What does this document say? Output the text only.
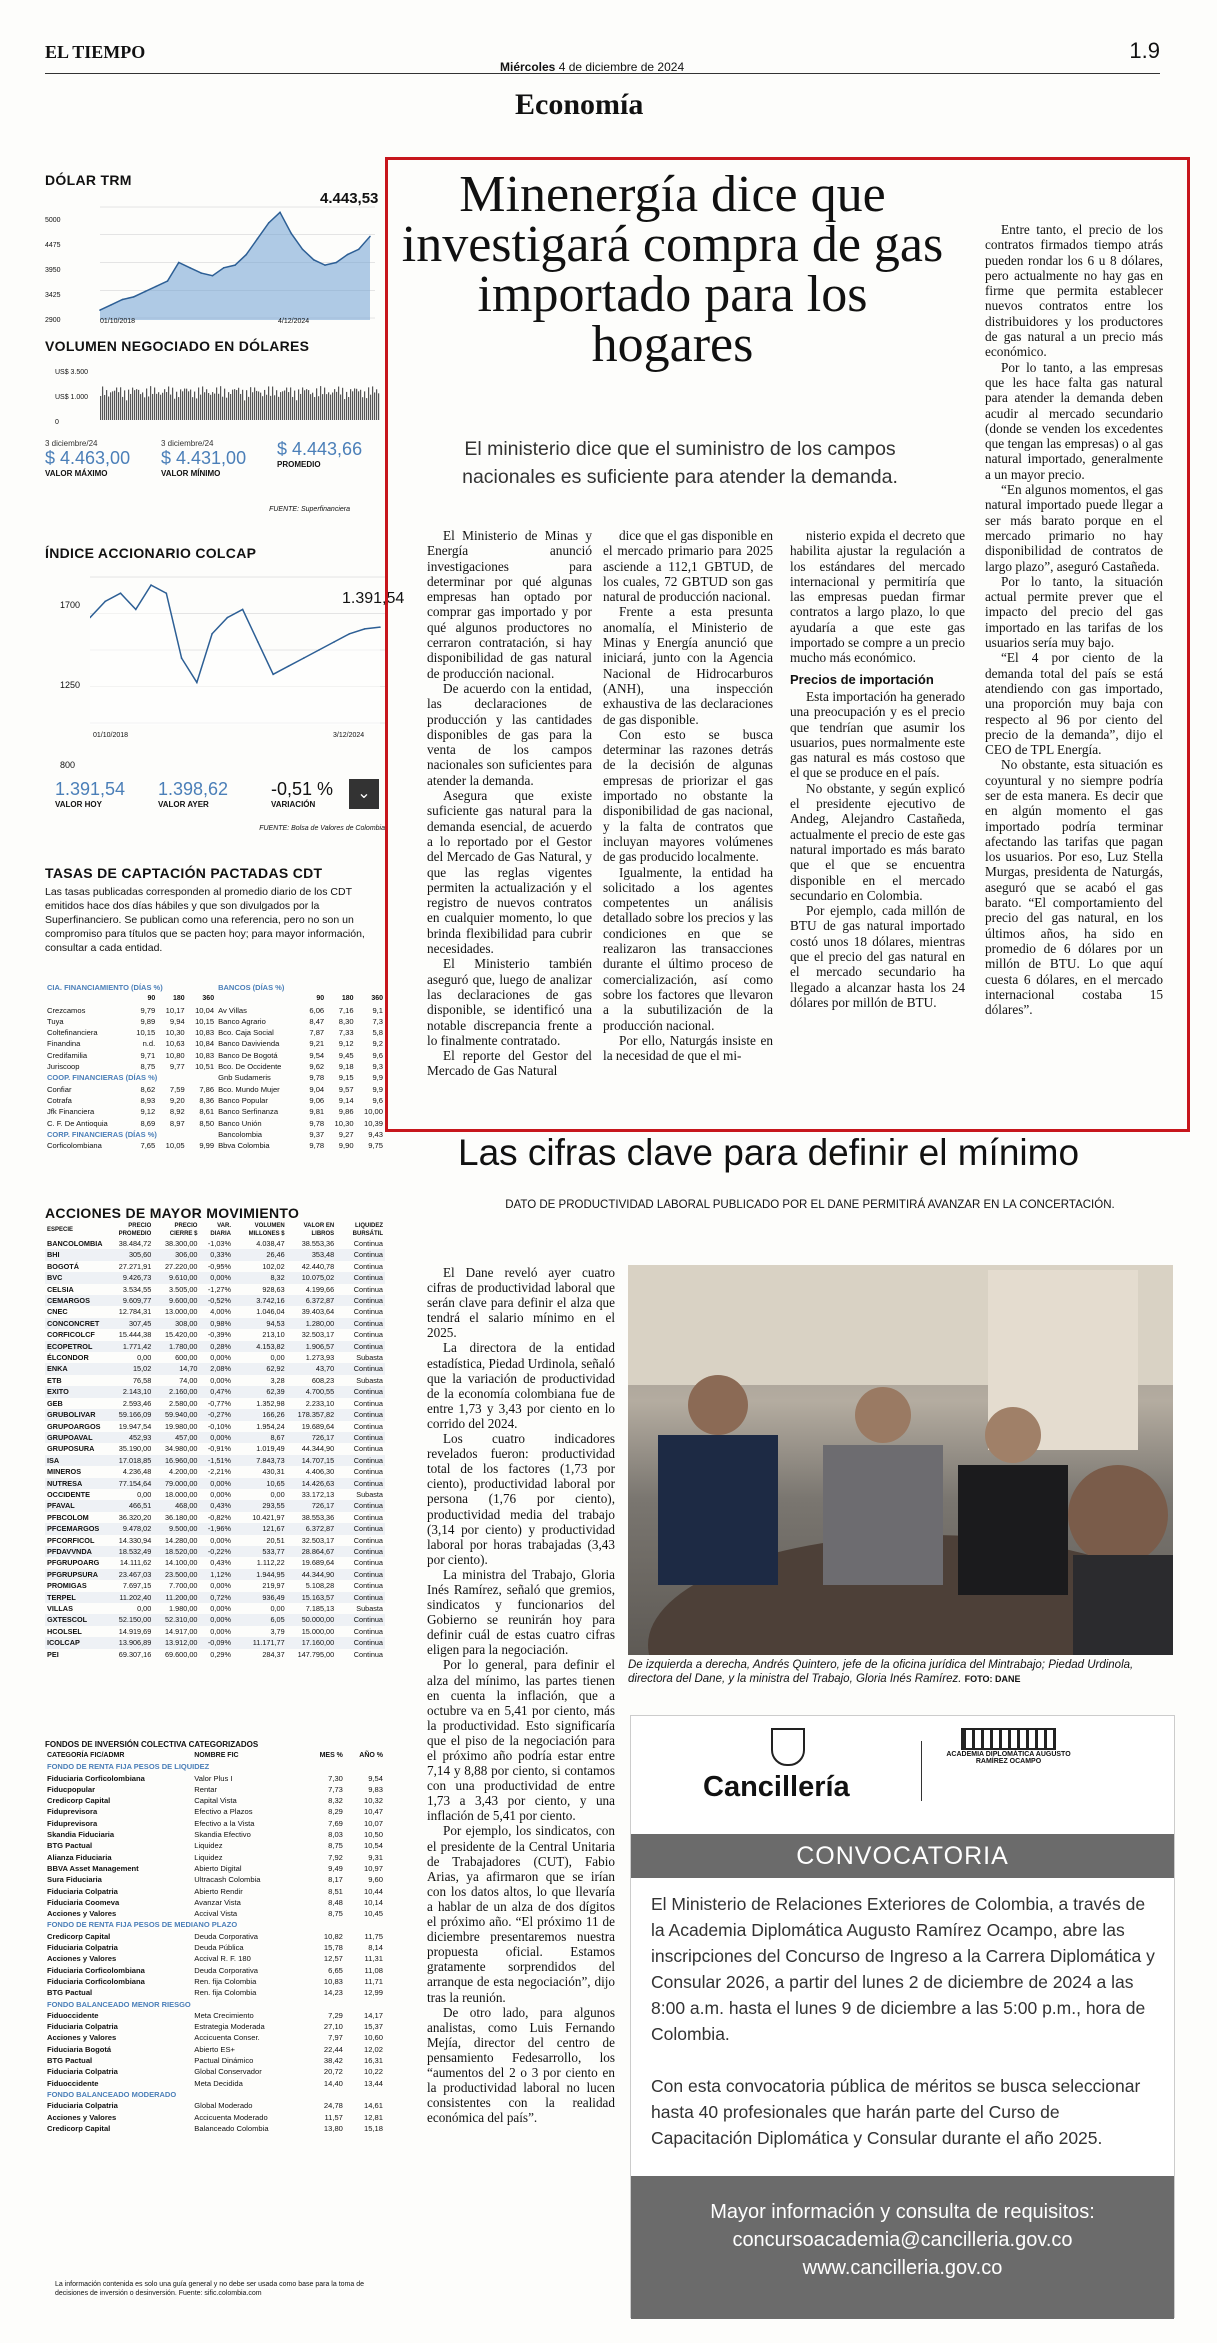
EL TIEMPO
Miércoles 4 de diciembre de 2024
1.9
Economía
DÓLAR TRM
4.443,53
5000
4475
3950
3425
2900	01/10/2018	4/12/2024
VOLUMEN NEGOCIADO EN DÓLARES
US$ 3.500
US$ 1.000
0
3 diciembre/24
$ 4.463,00
VALOR MÁXIMO
3 diciembre/24
$ 4.431,00
VALOR MÍNIMO
$ 4.443,66
PROMEDIO
FUENTE: Superfinanciera
ÍNDICE ACCIONARIO COLCAP
1.391,54
1700
1250
800
01/10/2018	3/12/2024
1.391,54
VALOR HOY
1.398,62
VALOR AYER
-0,51 %
VARIACIÓN
⌄
FUENTE: Bolsa de Valores de Colombia
TASAS DE CAPTACIÓN PACTADAS CDT
Las tasas publicadas corresponden al promedio diario de los CDT emitidos hace dos días hábiles y que son divulgados por la Superfinanciero. Se publican como una referencia, pero no son un compromiso para títulos que se pacten hoy; para mayor información, consultar a cada entidad.
CIA. FINANCIAMIENTO (DÍAS %)				BANCOS (DÍAS %)			
	90	180	360		90	180	360
Crezcamos	9,79	10,17	10,04	Av Villas	6,06	7,16	9,1
Tuya	9,89	9,94	10,15	Banco Agrario	8,47	8,30	7,3
Coltefinanciera	10,15	10,30	10,83	Bco. Caja Social	7,87	7,33	5,8
Finandina	n.d.	10,63	10,84	Banco Davivienda	9,21	9,12	9,2
Credifamilia	9,71	10,80	10,83	Banco De Bogotá	9,54	9,45	9,6
Juriscoop	8,75	9,77	10,51	Bco. De Occidente	9,62	9,18	9,3
COOP. FINANCIERAS (DÍAS %)				Gnb Sudameris	9,78	9,15	9,9
Confiar	8,62	7,59	7,86	Bco. Mundo Mujer	9,04	9,57	9,9
Cotrafa	8,93	9,20	8,36	Banco Popular	9,06	9,14	9,6
Jfk Financiera	9,12	8,92	8,61	Banco Serfinanza	9,81	9,86	10,00
C. F. De Antioquia	8,69	8,97	8,50	Banco Unión	9,78	10,30	10,39
CORP. FINANCIERAS (DÍAS %)				Bancolombia	9,37	9,27	9,43
Corficolombiana	7,65	10,05	9,99	Bbva Colombia	9,78	9,90	9,75
ACCIONES DE MAYOR MOVIMIENTO
ESPECIE	PRECIO PROMEDIO	PRECIO CIERRE $	VAR. DIARIA	VOLUMEN MILLONES $	VALOR EN LIBROS	LIQUIDEZ BURSÁTIL
BANCOLOMBIA	38.484,72	38.300,00	-1,03%	4.038,47	38.553,36	Continua
BHI	305,60	306,00	0,33%	26,46	353,48	Continua
BOGOTÁ	27.271,91	27.220,00	-0,95%	102,02	42.440,78	Continua
BVC	9.426,73	9.610,00	0,00%	8,32	10.075,02	Continua
CELSIA	3.534,55	3.505,00	-1,27%	928,63	4.199,66	Continua
CEMARGOS	9.609,77	9.600,00	-0,52%	3.742,16	6.372,87	Continua
CNEC	12.784,31	13.000,00	4,00%	1.046,04	39.403,64	Continua
CONCONCRET	307,45	308,00	0,98%	94,53	1.280,00	Continua
CORFICOLCF	15.444,38	15.420,00	-0,39%	213,10	32.503,17	Continua
ECOPETROL	1.771,42	1.780,00	0,28%	4.153,82	1.906,57	Continua
ÉLCONDOR	0,00	600,00	0,00%	0,00	1.273,93	Subasta
ENKA	15,02	14,70	2,08%	62,92	43,70	Continua
ETB	76,58	74,00	0,00%	3,28	608,23	Subasta
EXITO	2.143,10	2.160,00	0,47%	62,39	4.700,55	Continua
GEB	2.593,46	2.580,00	-0,77%	1.352,98	2.233,10	Continua
GRUBOLIVAR	59.166,09	59.940,00	-0,27%	166,26	178.357,82	Continua
GRUPOARGOS	19.947,54	19.980,00	-0,10%	1.954,24	19.689,64	Continua
GRUPOAVAL	452,93	457,00	0,00%	8,67	726,17	Continua
GRUPOSURA	35.190,00	34.980,00	-0,91%	1.019,49	44.344,90	Continua
ISA	17.018,85	16.960,00	-1,51%	7.843,73	14.707,15	Continua
MINEROS	4.236,48	4.200,00	-2,21%	430,31	4.406,30	Continua
NUTRESA	77.154,64	79.000,00	0,00%	10,65	14.426,63	Continua
OCCIDENTE	0,00	18.000,00	0,00%	0,00	33.172,13	Subasta
PFAVAL	466,51	468,00	0,43%	293,55	726,17	Continua
PFBCOLOM	36.320,20	36.180,00	-0,82%	10.421,97	38.553,36	Continua
PFCEMARGOS	9.478,02	9.500,00	-1,96%	121,67	6.372,87	Continua
PFCORFICOL	14.330,94	14.280,00	0,00%	20,51	32.503,17	Continua
PFDAVVNDA	18.532,49	18.520,00	-0,22%	533,77	28.864,67	Continua
PFGRUPOARG	14.111,62	14.100,00	0,43%	1.112,22	19.689,64	Continua
PFGRUPSURA	23.467,03	23.500,00	1,12%	1.944,95	44.344,90	Continua
PROMIGAS	7.697,15	7.700,00	0,00%	219,97	5.108,28	Continua
TERPEL	11.202,40	11.200,00	0,72%	936,49	15.163,57	Continua
VILLAS	0,00	1.980,00	0,00%	0,00	7.185,13	Subasta
GXTESCOL	52.150,00	52.310,00	0,00%	6,05	50.000,00	Continua
HCOLSEL	14.919,69	14.917,00	0,00%	3,79	15.000,00	Continua
ICOLCAP	13.906,89	13.912,00	-0,09%	11.171,77	17.160,00	Continua
PEI	69.307,16	69.600,00	0,29%	284,37	147.795,00	Continua
FONDOS DE INVERSIÓN COLECTIVA CATEGORIZADOS
CATEGORÍA FIC/ADMR	NOMBRE FIC	MES %	AÑO %
FONDO DE RENTA FIJA PESOS DE LIQUIDEZ			
Fiduciaria Corficolombiana	Valor Plus I	7,30	9,54
Fiducpopular	Rentar	7,73	9,83
Credicorp Capital	Capital Vista	8,32	10,32
Fiduprevisora	Efectivo a Plazos	8,29	10,47
Fiduprevisora	Efectivo a la Vista	7,69	10,07
Skandia Fiduciaria	Skandia Efectivo	8,03	10,50
BTG Pactual	Liquidez	8,75	10,54
Alianza Fiduciaria	Liquidez	7,92	9,31
BBVA Asset Management	Abierto Digital	9,49	10,97
Sura Fiduciaria	Ultracash Colombia	8,17	9,60
Fiduciaria Colpatria	Abierto Rendir	8,51	10,44
Fiduciaria Coomeva	Avanzar Vista	8,48	10,14
Acciones y Valores	Accival Vista	8,75	10,45
FONDO DE RENTA FIJA PESOS DE MEDIANO PLAZO			
Credicorp Capital	Deuda Corporativa	10,82	11,75
Fiduciaria Colpatria	Deuda Pública	15,78	8,14
Acciones y Valores	Accival R. F. 180	12,57	11,31
Fiduciaria Corficolombiana	Deuda Corporativa	6,65	11,08
Fiduciaria Corficolombiana	Ren. fija Colombia	10,83	11,71
BTG Pactual	Ren. fija Colombia	14,23	12,99
FONDO BALANCEADO MENOR RIESGO			
Fiduoccidente	Meta Crecimiento	7,29	14,17
Fiduciaria Colpatria	Estrategia Moderada	27,10	15,37
Acciones y Valores	Accicuenta Conser.	7,97	10,60
Fiduciaria Bogotá	Abierto ES+	22,44	12,02
BTG Pactual	Pactual Dinámico	38,42	16,31
Fiduciaria Colpatria	Global Conservador	20,72	10,22
Fiduoccidente	Meta Decidida	14,40	13,44
FONDO BALANCEADO MODERADO			
Fiduciaria Colpatria	Global Moderado	24,78	14,61
Acciones y Valores	Accicuenta Moderado	11,57	12,81
Credicorp Capital	Balanceado Colombia	13,80	15,18
La información contenida es solo una guía general y no debe ser usada como base para la toma de decisiones de inversión o desinversión. Fuente: sific.colombia.com
Minenergía dice que investigará compra de gas importado para los hogares
El ministerio dice que el suministro de los campos nacionales es suficiente para atender la demanda.

El Ministerio de Minas y Energía anunció investigaciones para determinar por qué algunas empresas han optado por comprar gas importado y por qué algunos productores no cerraron contratación, si hay disponibilidad de gas natural de producción nacional.

De acuerdo con la entidad, las declaraciones de producción y las cantidades disponibles de gas para la venta de los campos nacionales son suficientes para atender la demanda.

Asegura que existe suficiente gas natural para la demanda esencial, de acuerdo a lo reportado por el Gestor del Mercado de Gas Natural, y que las reglas vigentes permiten la actualización y el registro de nuevos contratos en cualquier momento, lo que brinda flexibilidad para cubrir necesidades.

El Ministerio también aseguró que, luego de analizar las declaraciones de gas disponible, se identificó una notable discrepancia frente a lo finalmente contratado.

El reporte del Gestor del Mercado de Gas Natural

dice que el gas disponible en el mercado primario para 2025 asciende a 112,1 GBTUD, de los cuales, 72 GBTUD son gas natural de producción nacional.

Frente a esta presunta anomalía, el Ministerio de Minas y Energía anunció que iniciará, junto con la Agencia Nacional de Hidrocarburos (ANH), una inspección exhaustiva de las declaraciones de gas disponible.

Con esto se busca determinar las razones detrás de la decisión de algunas empresas de priorizar el gas importado no obstante la disponibilidad de gas nacional, y la falta de contratos que incluyan mayores volúmenes de gas producido localmente.

Igualmente, la entidad ha solicitado a los agentes competentes un análisis detallado sobre los precios y las condiciones en que se realizaron las transacciones durante el último proceso de comercialización, así como sobre los factores que llevaron a la subutilización de la producción nacional.

Por ello, Naturgás insiste en la necesidad de que el mi-

nisterio expida el decreto que habilita ajustar la regulación a los estándares del mercado internacional y permitiría que las empresas puedan firmar contratos a largo plazo, lo que ayudaría a que este gas importado se compre a un precio mucho más económico.

Precios de importación

Esta importación ha generado una preocupación y es el precio que tendrían que asumir los usuarios, pues normalmente este gas natural es más costoso que el que se produce en el país.

No obstante, y según explicó el presidente ejecutivo de Andeg, Alejandro Castañeda, actualmente el precio de este gas natural importado es más barato que el que se encuentra disponible en el mercado secundario en Colombia.

Por ejemplo, cada millón de BTU de gas natural importado costó unos 18 dólares, mientras que el precio del gas natural en el mercado secundario ha llegado a alcanzar hasta los 24 dólares por millón de BTU.

Entre tanto, el precio de los contratos firmados tiempo atrás pueden rondar los 6 u 8 dólares, pero actualmente no hay gas en firme que permita establecer nuevos contratos entre los distribuidores y los productores de gas natural a un precio más económico.

Por lo tanto, a las empresas que les hace falta gas natural para atender la demanda deben acudir al mercado secundario (donde se venden los excedentes que tengan las empresas) o al gas natural importado, generalmente a un mayor precio.

“En algunos momentos, el gas natural importado puede llegar a ser más barato porque en el mercado primario no hay disponibilidad de contratos de largo plazo”, aseguró Castañeda.

Por lo tanto, la situación actual permite prever que el impacto del precio del gas importado en las tarifas de los usuarios sería muy bajo.

“El 4 por ciento de la demanda total del país se está atendiendo con gas importado, una proporción muy baja con respecto al 96 por ciento del precio de la demanda”, dijo el CEO de TPL Energía.

No obstante, esta situación es coyuntural y no siempre podría ser de esta manera. Es decir que en algún momento el gas importado podría terminar afectando las tarifas que pagan los usuarios. Por eso, Luz Stella Murgas, presidenta de Naturgás, aseguró que se acabó el gas barato. “El comportamiento del precio del gas natural, en los últimos años, ha sido en promedio de 6 dólares por un millón de BTU. Lo que aquí cuesta 6 dólares, en el mercado internacional costaba 15 dólares”.

Las cifras clave para definir el mínimo
DATO DE PRODUCTIVIDAD LABORAL PUBLICADO POR EL DANE PERMITIRÁ AVANZAR EN LA CONCERTACIÓN.

El Dane reveló ayer cuatro cifras de productividad laboral que serán clave para definir el alza que tendrá el salario mínimo en el 2025.

La directora de la entidad estadística, Piedad Urdinola, señaló que la variación de productividad de la economía colombiana fue de entre 1,73 y 3,43 por ciento en lo corrido del 2024.

Los cuatro indicadores revelados fueron: productividad total de los factores (1,73 por ciento), productividad laboral por persona (1,76 por ciento), productividad media del trabajo (3,14 por ciento) y productividad laboral por horas trabajadas (3,43 por ciento).

La ministra del Trabajo, Gloria Inés Ramírez, señaló que gremios, sindicatos y funcionarios del Gobierno se reunirán hoy para definir cuál de estas cuatro cifras eligen para la negociación.

Por lo general, para definir el alza del mínimo, las partes tienen en cuenta la inflación, que a octubre va en 5,41 por ciento, más la productividad. Esto significaría que el piso de la negociación para el próximo año podría estar entre 7,14 y 8,88 por ciento, si contamos con una productividad de entre 1,73 a 3,43 por ciento, y una inflación de 5,41 por ciento.

Por ejemplo, los sindicatos, con el presidente de la Central Unitaria de Trabajadores (CUT), Fabio Arias, ya afirmaron que se irían con los datos altos, lo que llevaría a hablar de un alza de dos dígitos el próximo año. “El próximo 11 de diciembre presentaremos nuestra propuesta oficial. Estamos gratamente sorprendidos del arranque de esta negociación”, dijo tras la reunión.

De otro lado, para algunos analistas, como Luis Fernando Mejía, director del centro de pensamiento Fedesarrollo, los “aumentos del 2 o 3 por ciento en la productividad laboral no lucen consistentes con la realidad económica del país”.

De izquierda a derecha, Andrés Quintero, jefe de la oficina jurídica del Mintrabajo; Piedad Urdinola, directora del Dane, y la ministra del Trabajo, Gloria Inés Ramírez. FOTO: DANE
Cancillería
ACADEMIA DIPLOMÁTICA AUGUSTO RAMÍREZ OCAMPO
CONVOCATORIA
El Ministerio de Relaciones Exteriores de Colombia, a través de la Academia Diplomática Augusto Ramírez Ocampo, abre las inscripciones del Concurso de Ingreso a la Carrera Diplomática y Consular 2026, a partir del lunes 2 de diciembre de 2024 a las 8:00 a.m. hasta el lunes 9 de diciembre a las 5:00 p.m., hora de Colombia.
Con esta convocatoria pública de méritos se busca seleccionar hasta 40 profesionales que harán parte del Curso de Capacitación Diplomática y Consular durante el año 2025.
Mayor información y consulta de requisitos:
concursoacademia@cancilleria.gov.co
www.cancilleria.gov.co
